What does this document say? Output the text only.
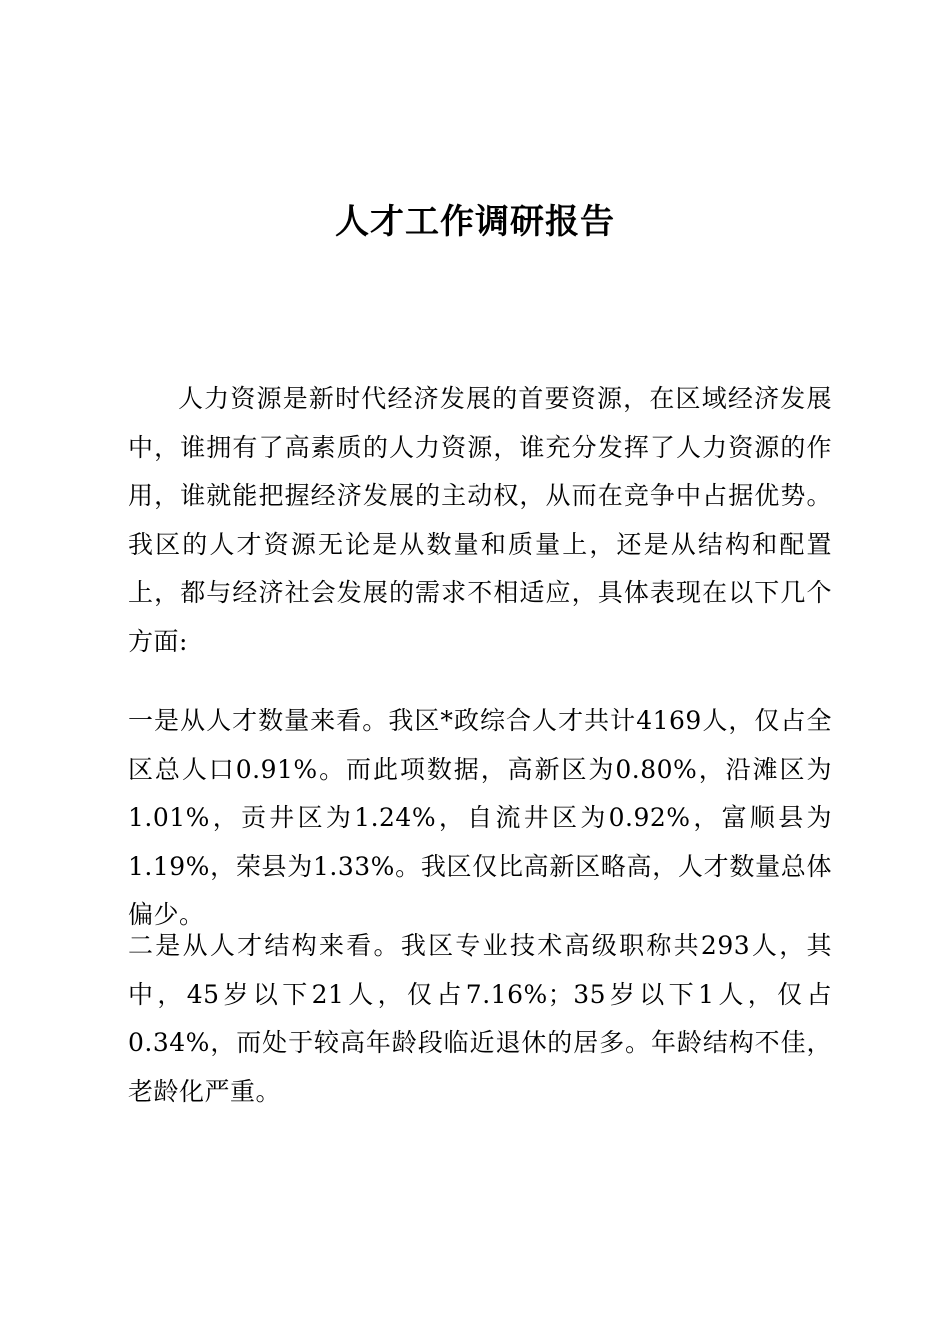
人才工作调研报告

人力资源是新时代经济发展的首要资源，在区域经济发展中，谁拥有了高素质的人力资源，谁充分发挥了人力资源的作用，谁就能把握经济发展的主动权，从而在竞争中占据优势。我区的人才资源无论是从数量和质量上，还是从结构和配置上，都与经济社会发展的需求不相适应，具体表现在以下几个方面:

一是从人才数量来看。我区*政综合人才共计4169人，仅占全区总人口0.91%。而此项数据，高新区为0.80%，沿滩区为1.01%，贡井区为1.24%，自流井区为0.92%，富顺县为1.19%，荣县为1.33%。我区仅比高新区略高，人才数量总体偏少。

二是从人才结构来看。我区专业技术高级职称共293人，其中，45岁以下21人，仅占7.16%；35岁以下1人，仅占0.34%，而处于较高年龄段临近退休的居多。年龄结构不佳，老龄化严重。
